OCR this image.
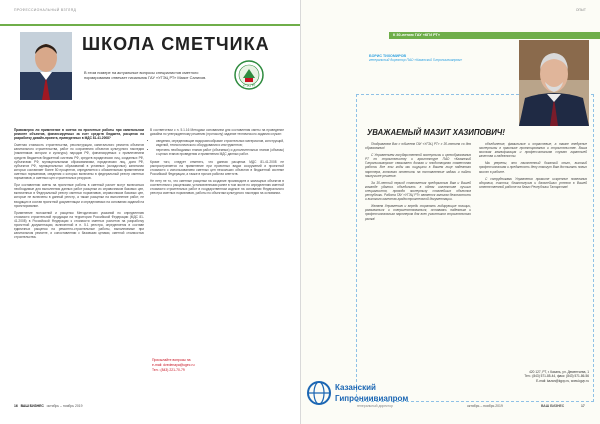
ПРОФЕССИОНАЛЬНЫЙ ВЗГЛЯД
ШКОЛА СМЕТЧИКА
В этом номере на актуальные вопросы специалистов сметного нормирования отвечает начальник ГАУ «УГЭЦ РТ» Мазит Салихов.
УГЭЦ РТ

Правомерно ли применение в сметах на проектные работы при капитальном ремонте объектов, финансируемых за счет средств бюджета, расценок на разработку дизайн-проекта, приведенных в МДС 81-41.2008?

Сметная стоимость строительства, реконструкции, капитального ремонта объектов капитального строительства, работ по сохранению объектов культурного наследия (памятников истории и культуры) народов РФ, финансируемых с привлечением средств бюджетов бюджетной системы РФ, средств юридических лиц, созданных РФ, субъектами РФ, муниципальными образованиями, юридических лиц, доля РФ, субъектов РФ, муниципальных образований в уставных (складочных) капиталах которых составляет более 50 процентов, определяется с обязательным применением сметных нормативов, сведения о которых включены в федеральный реестр сметных нормативов, и сметных цен строительных ресурсов.

При составлении сметы на проектные работы в сметный расчет могут включаться необходимые для выполнения данных работ расценки из справочников базовых цен, включенных в Федеральный реестр сметных нормативов, справочников базовых цен, которые не включены в данный реестр, а также расценки на выполнение работ, не входящих в состав проектной документации и определяемых на основании заданий на проектирование.

Применение положений и расценок Методических указаний по определению стоимости строительной продукции на территории Российской Федерации (МДС 81-41.2008) в Российской Федерации к стоимости сметных расчетов на разработку проектной документации, включенной в п. 5.1 реестра, определяется в составе единичных расценок на ремонтно-строительные работы, выполняемые при капитальном ремонте, и сопоставлении с базовыми ценами, сметной стоимостью строительства.

В соответствии с п. 5.1.16 Методики основанием для составления сметы на проведение дизайна по утвержденному решению (протоколу) задание технического задания служат:

• сведения, определяющие видоразнообразие строительных материалов, конструкций, изделий, технологического оборудования и инструментов;
• перечень необходимых этапов работ (объемных) и дополнительных этапов (объемы) с целью этапов проведения и применения МДС данных работ.

Кроме того, следует отметить, что данная расценка МДС 81-41.2008 не распространяется на применение при проектных видах сооружений и проектной стоимости с использованием сметных цен нескольких объектов в бюджетной системе Российской Федерации, а также в прочих работах агентств.

Не нету не то, что сметные расценки на создание производств и жилищных объектов в соответствии с расценками, установленными ранее в том числе по определению сметной стоимости строительных работ в государственном кодексе на основании Федерального реестра сметных нормативов, работы по объектам культурного наследия на основании.

Присылайте вопросы на
e-mail: dvedenaya@ugec.ru
Тел.: (843) 221-70-79
16 ВАШ БИЗНЕС октябрь – ноябрь 2019
ОПЫТ
К 30-летию ГАУ «КГИ РТ»
БОРИС ТИХОМИРОВ
генеральный директор ПАО «Казанский Гипрониивиапром»
УВАЖАЕМЫЙ МАЗИТ ХАЗИПОВИЧ!

Поздравляем Вас с юбилеем ГАУ «УГЭЦ РТ» с 30-летием со дня образования!

С Управлением государственной экспертизы и ценообразования РТ по строительству и архитектуре ПАО «Казанский Гипрониивиапром» связывает долгая и плодотворная совместная работа. Все эти годы мы ощущали в Вашем лице надежного партнера, готового ответить на поставленные задачи и найти наилучшее решение.

За 30-летний период становления предприятия Вам и Вашей команде удалось объединить в одном коллективе лучших специалистов, проводя экспертизу сложнейших объектов республики. Работа ГАУ «УГЭЦ РТ» является залогом безопасности и высокого качества градостроительной документации.

Желаем Управлению и впредь сохранять лидирующие позиции, развиваться и совершенствоваться, оставаясь надежным и профессиональным партнером для всех участников строительного рынка!

объединение, фамильные и отраслевые, а также внедрение экспертизы в практике проектирования и строительстве. Ваша высокая квалификация и профессионализм служат гарантией качества и надежности.

Мы уверены, что накопленный богатый опыт, высокий профессионализм и преданность делу помогут Вам достигать новых высот в работе.

С сотрудниками Управления примите искренние пожелания здоровья, счастья, благополучия и дальнейших успехов в Вашей ответственной работе на благо Республики Татарстан!

420 127, РТ, г. Казань, ул. Дементьева, 1
Тел.: (843) 571-85-44, факс: (843) 571-86-56
E-mail: kazan@kgvp.ru, www.kgvp.ru
Казанский
Гипрониивиапром
генеральный директор	октябрь – ноябрь 2019	ВАШ БИЗНЕС	17
